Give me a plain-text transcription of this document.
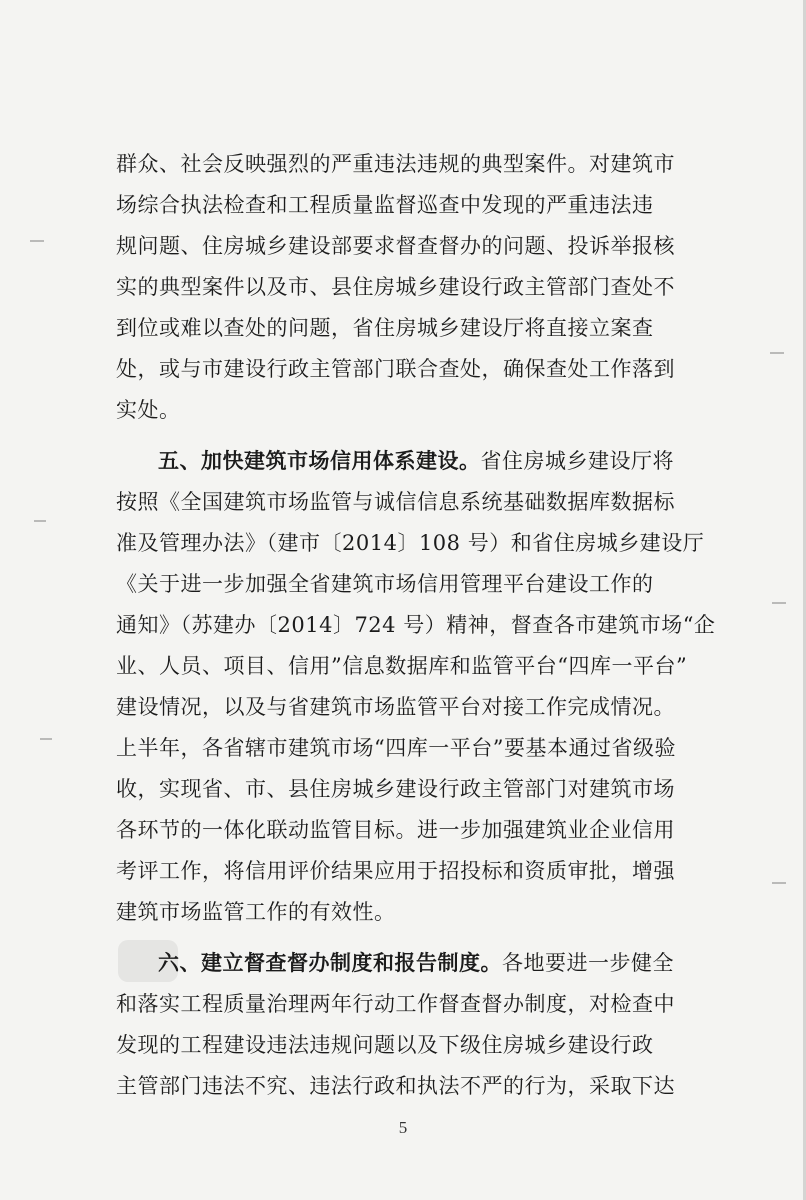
群众、社会反映强烈的严重违法违规的典型案件。对建筑市
场综合执法检查和工程质量监督巡查中发现的严重违法违
规问题、住房城乡建设部要求督查督办的问题、投诉举报核
实的典型案件以及市、县住房城乡建设行政主管部门查处不
到位或难以查处的问题，省住房城乡建设厅将直接立案查
处，或与市建设行政主管部门联合查处，确保查处工作落到
实处。
五、加快建筑市场信用体系建设。省住房城乡建设厅将
按照《全国建筑市场监管与诚信信息系统基础数据库数据标
准及管理办法》（建市〔2014〕108 号）和省住房城乡建设厅
《关于进一步加强全省建筑市场信用管理平台建设工作的
通知》（苏建办〔2014〕724 号）精神，督查各市建筑市场“企
业、人员、项目、信用”信息数据库和监管平台“四库一平台”
建设情况，以及与省建筑市场监管平台对接工作完成情况。
上半年，各省辖市建筑市场“四库一平台”要基本通过省级验
收，实现省、市、县住房城乡建设行政主管部门对建筑市场
各环节的一体化联动监管目标。进一步加强建筑业企业信用
考评工作，将信用评价结果应用于招投标和资质审批，增强
建筑市场监管工作的有效性。
六、建立督查督办制度和报告制度。各地要进一步健全
和落实工程质量治理两年行动工作督查督办制度，对检查中
发现的工程建设违法违规问题以及下级住房城乡建设行政
主管部门违法不究、违法行政和执法不严的行为，采取下达
5
